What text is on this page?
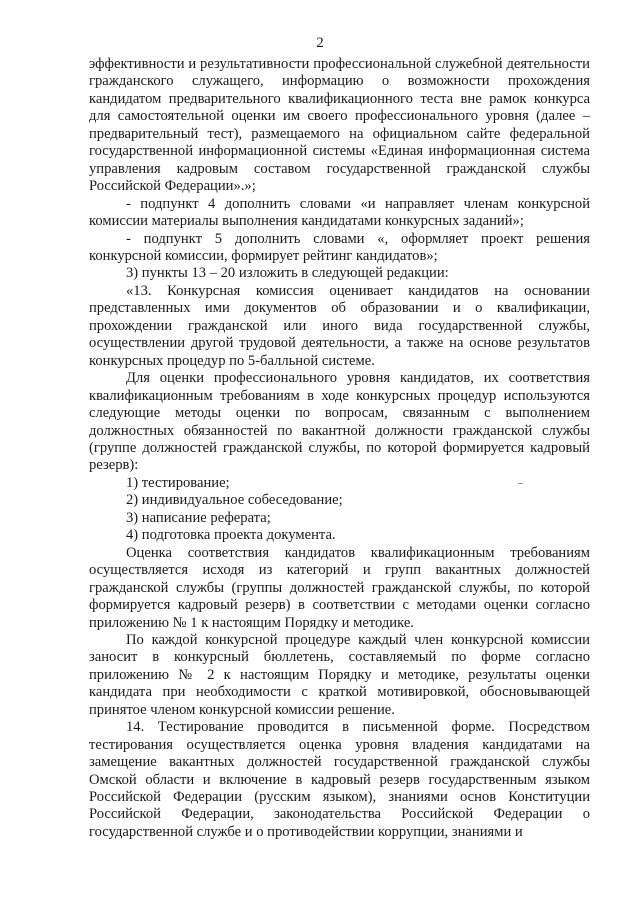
2

эффективности и результативности профессиональной служебной деятельности гражданского служащего, информацию о возможности прохождения кандидатом предварительного квалификационного теста вне рамок конкурса для самостоятельной оценки им своего профессионального уровня (далее – предварительный тест), размещаемого на официальном сайте федеральной государственной информационной системы «Единая информационная система управления кадровым составом государственной гражданской службы Российской Федерации».»;

- подпункт 4 дополнить словами «и направляет членам конкурсной комиссии материалы выполнения кандидатами конкурсных заданий»;

- подпункт 5 дополнить словами «, оформляет проект решения конкурсной комиссии, формирует рейтинг кандидатов»;

3) пункты 13 – 20 изложить в следующей редакции:

«13. Конкурсная комиссия оценивает кандидатов на основании представленных ими документов об образовании и о квалификации, прохождении гражданской или иного вида государственной службы, осуществлении другой трудовой деятельности, а также на основе результатов конкурсных процедур по 5-балльной системе.

Для оценки профессионального уровня кандидатов, их соответствия квалификационным требованиям в ходе конкурсных процедур используются следующие методы оценки по вопросам, связанным с выполнением должностных обязанностей по вакантной должности гражданской службы (группе должностей гражданской службы, по которой формируется кадровый резерв):

1) тестирование;

2) индивидуальное собеседование;

3) написание реферата;

4) подготовка проекта документа.

Оценка соответствия кандидатов квалификационным требованиям осуществляется исходя из категорий и групп вакантных должностей гражданской службы (группы должностей гражданской службы, по которой формируется кадровый резерв) в соответствии с методами оценки согласно приложению № 1 к настоящим Порядку и методике.

По каждой конкурсной процедуре каждый член конкурсной комиссии заносит в конкурсный бюллетень, составляемый по форме согласно приложению № 2 к настоящим Порядку и методике, результаты оценки кандидата при необходимости с краткой мотивировкой, обосновывающей принятое членом конкурсной комиссии решение.

14. Тестирование проводится в письменной форме. Посредством тестирования осуществляется оценка уровня владения кандидатами на замещение вакантных должностей государственной гражданской службы Омской области и включение в кадровый резерв государственным языком Российской Федерации (русским языком), знаниями основ Конституции Российской Федерации, законодательства Российской Федерации о государственной службе и о противодействии коррупции, знаниями и
